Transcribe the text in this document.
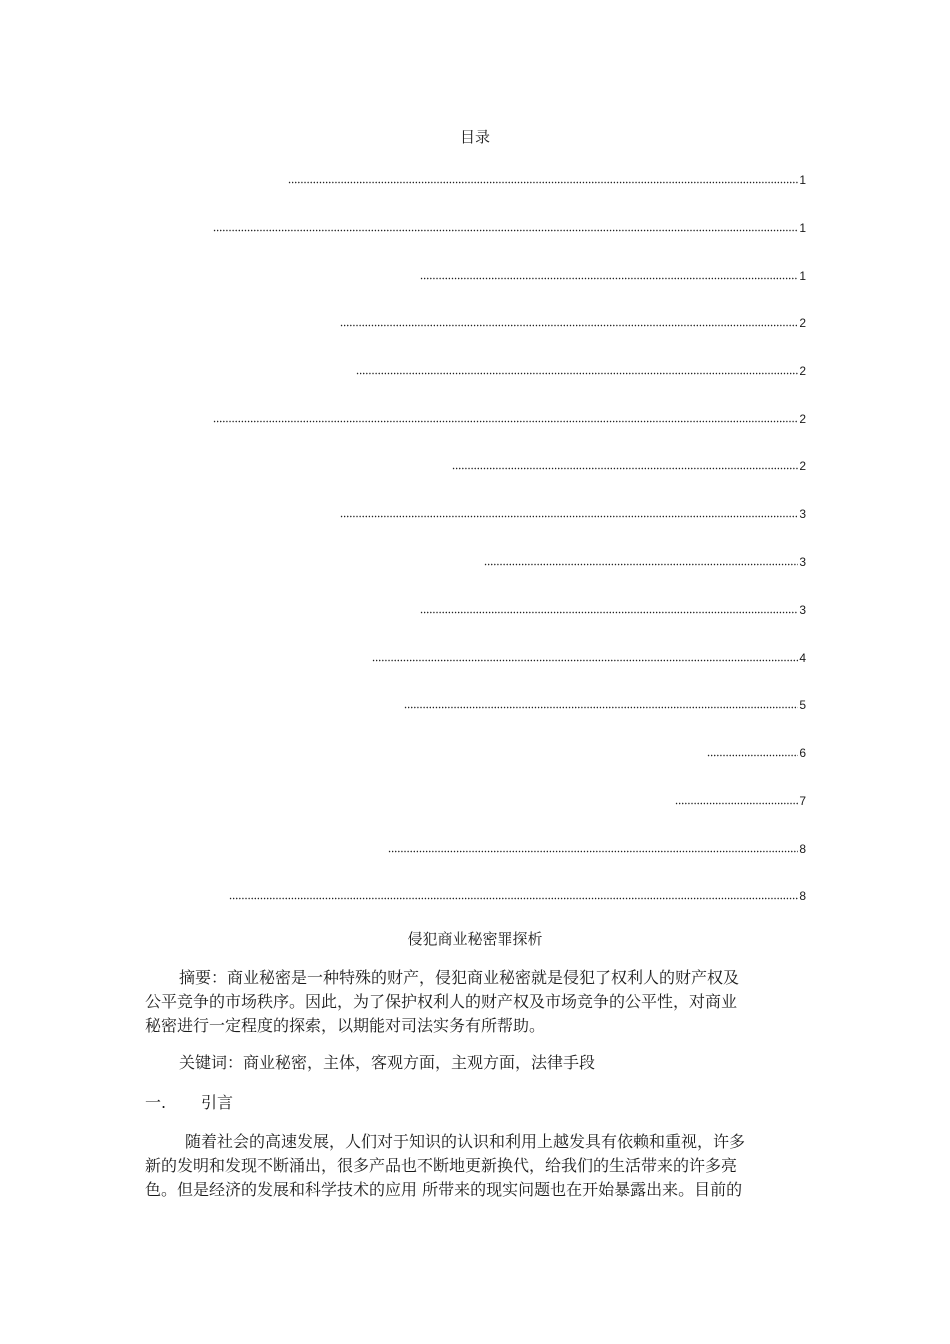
目录
1
1
1
2
2
2
2
3
3
3
4
5
6
7
8
8
侵犯商业秘密罪探析
摘要：商业秘密是一种特殊的财产，侵犯商业秘密就是侵犯了权利人的财产权及
公平竞争的市场秩序。因此，为了保护权利人的财产权及市场竞争的公平性，对商业
秘密进行一定程度的探索，以期能对司法实务有所帮助。
关键词：商业秘密，主体，客观方面，主观方面，法律手段
一. 引言
随着社会的高速发展，人们对于知识的认识和利用上越发具有依赖和重视，许多
新的发明和发现不断涌出，很多产品也不断地更新换代，给我们的生活带来的许多亮
色。但是经济的发展和科学技术的应用 所带来的现实问题也在开始暴露出来。目前的
